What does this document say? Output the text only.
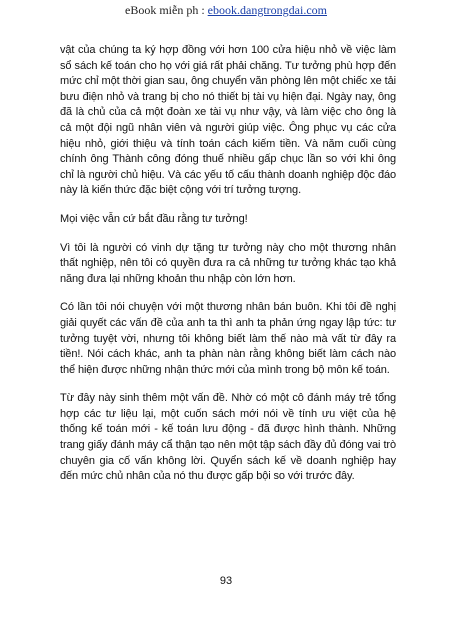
eBook miễn ph : ebook.dangtrongdai.com

vật của chúng ta ký hợp đồng với hơn 100 cửa hiệu nhỏ về việc làm sổ sách kế toán cho họ với giá rất phải chăng. Tư tưởng phù hợp đến mức chỉ một thời gian sau, ông chuyển văn phòng lên một chiếc xe tải bưu điện nhỏ và trang bị cho nó thiết bị tài vụ hiện đại. Ngày nay, ông đã là chủ của cả một đoàn xe tài vụ như vậy, và làm việc cho ông là cả một đội ngũ nhân viên và người giúp việc. Ông phục vụ các cửa hiệu nhỏ, giới thiệu và tính toán cách kiếm tiền. Và năm cuối cùng chính ông Thành công đóng thuế nhiều gấp chục lần so với khi ông chỉ là người chủ hiệu. Và các yếu tố cấu thành doanh nghiệp độc đáo này là kiến thức đặc biệt cộng với trí tưởng tượng.

Mọi việc vẫn cứ bắt đầu rằng tư tưởng!

Vì tôi là người có vinh dự tặng tư tưởng này cho một thương nhân thất nghiệp, nên tôi có quyền đưa ra cả những tư tưởng khác tạo khả năng đưa lại những khoản thu nhập còn lớn hơn.

Có lần tôi nói chuyện với một thương nhân bán buôn. Khi tôi đề nghị giải quyết các vấn đề của anh ta thì anh ta phản ứng ngay lập tức: tư tưởng tuyệt vời, nhưng tôi không biết làm thế nào mà vất từ đây ra tiền!. Nói cách khác, anh ta phàn nàn rằng không biết làm cách nào thể hiện được những nhận thức mới của mình trong bộ môn kế toán.

Từ đây này sinh thêm một vấn đề. Nhờ có một cô đánh máy trẻ tổng hợp các tư liệu lại, một cuốn sách mới nói về tính ưu việt của hệ thống kế toán mới - kế toán lưu động - đã được hình thành. Những trang giấy đánh máy cẩ thận tạo nên một tập sách đầy đủ đóng vai trò chuyên gia cố vấn không lời. Quyển sách kế về doanh nghiệp hay đến mức chủ nhân của nó thu được gấp bội so với trước đây.

93
